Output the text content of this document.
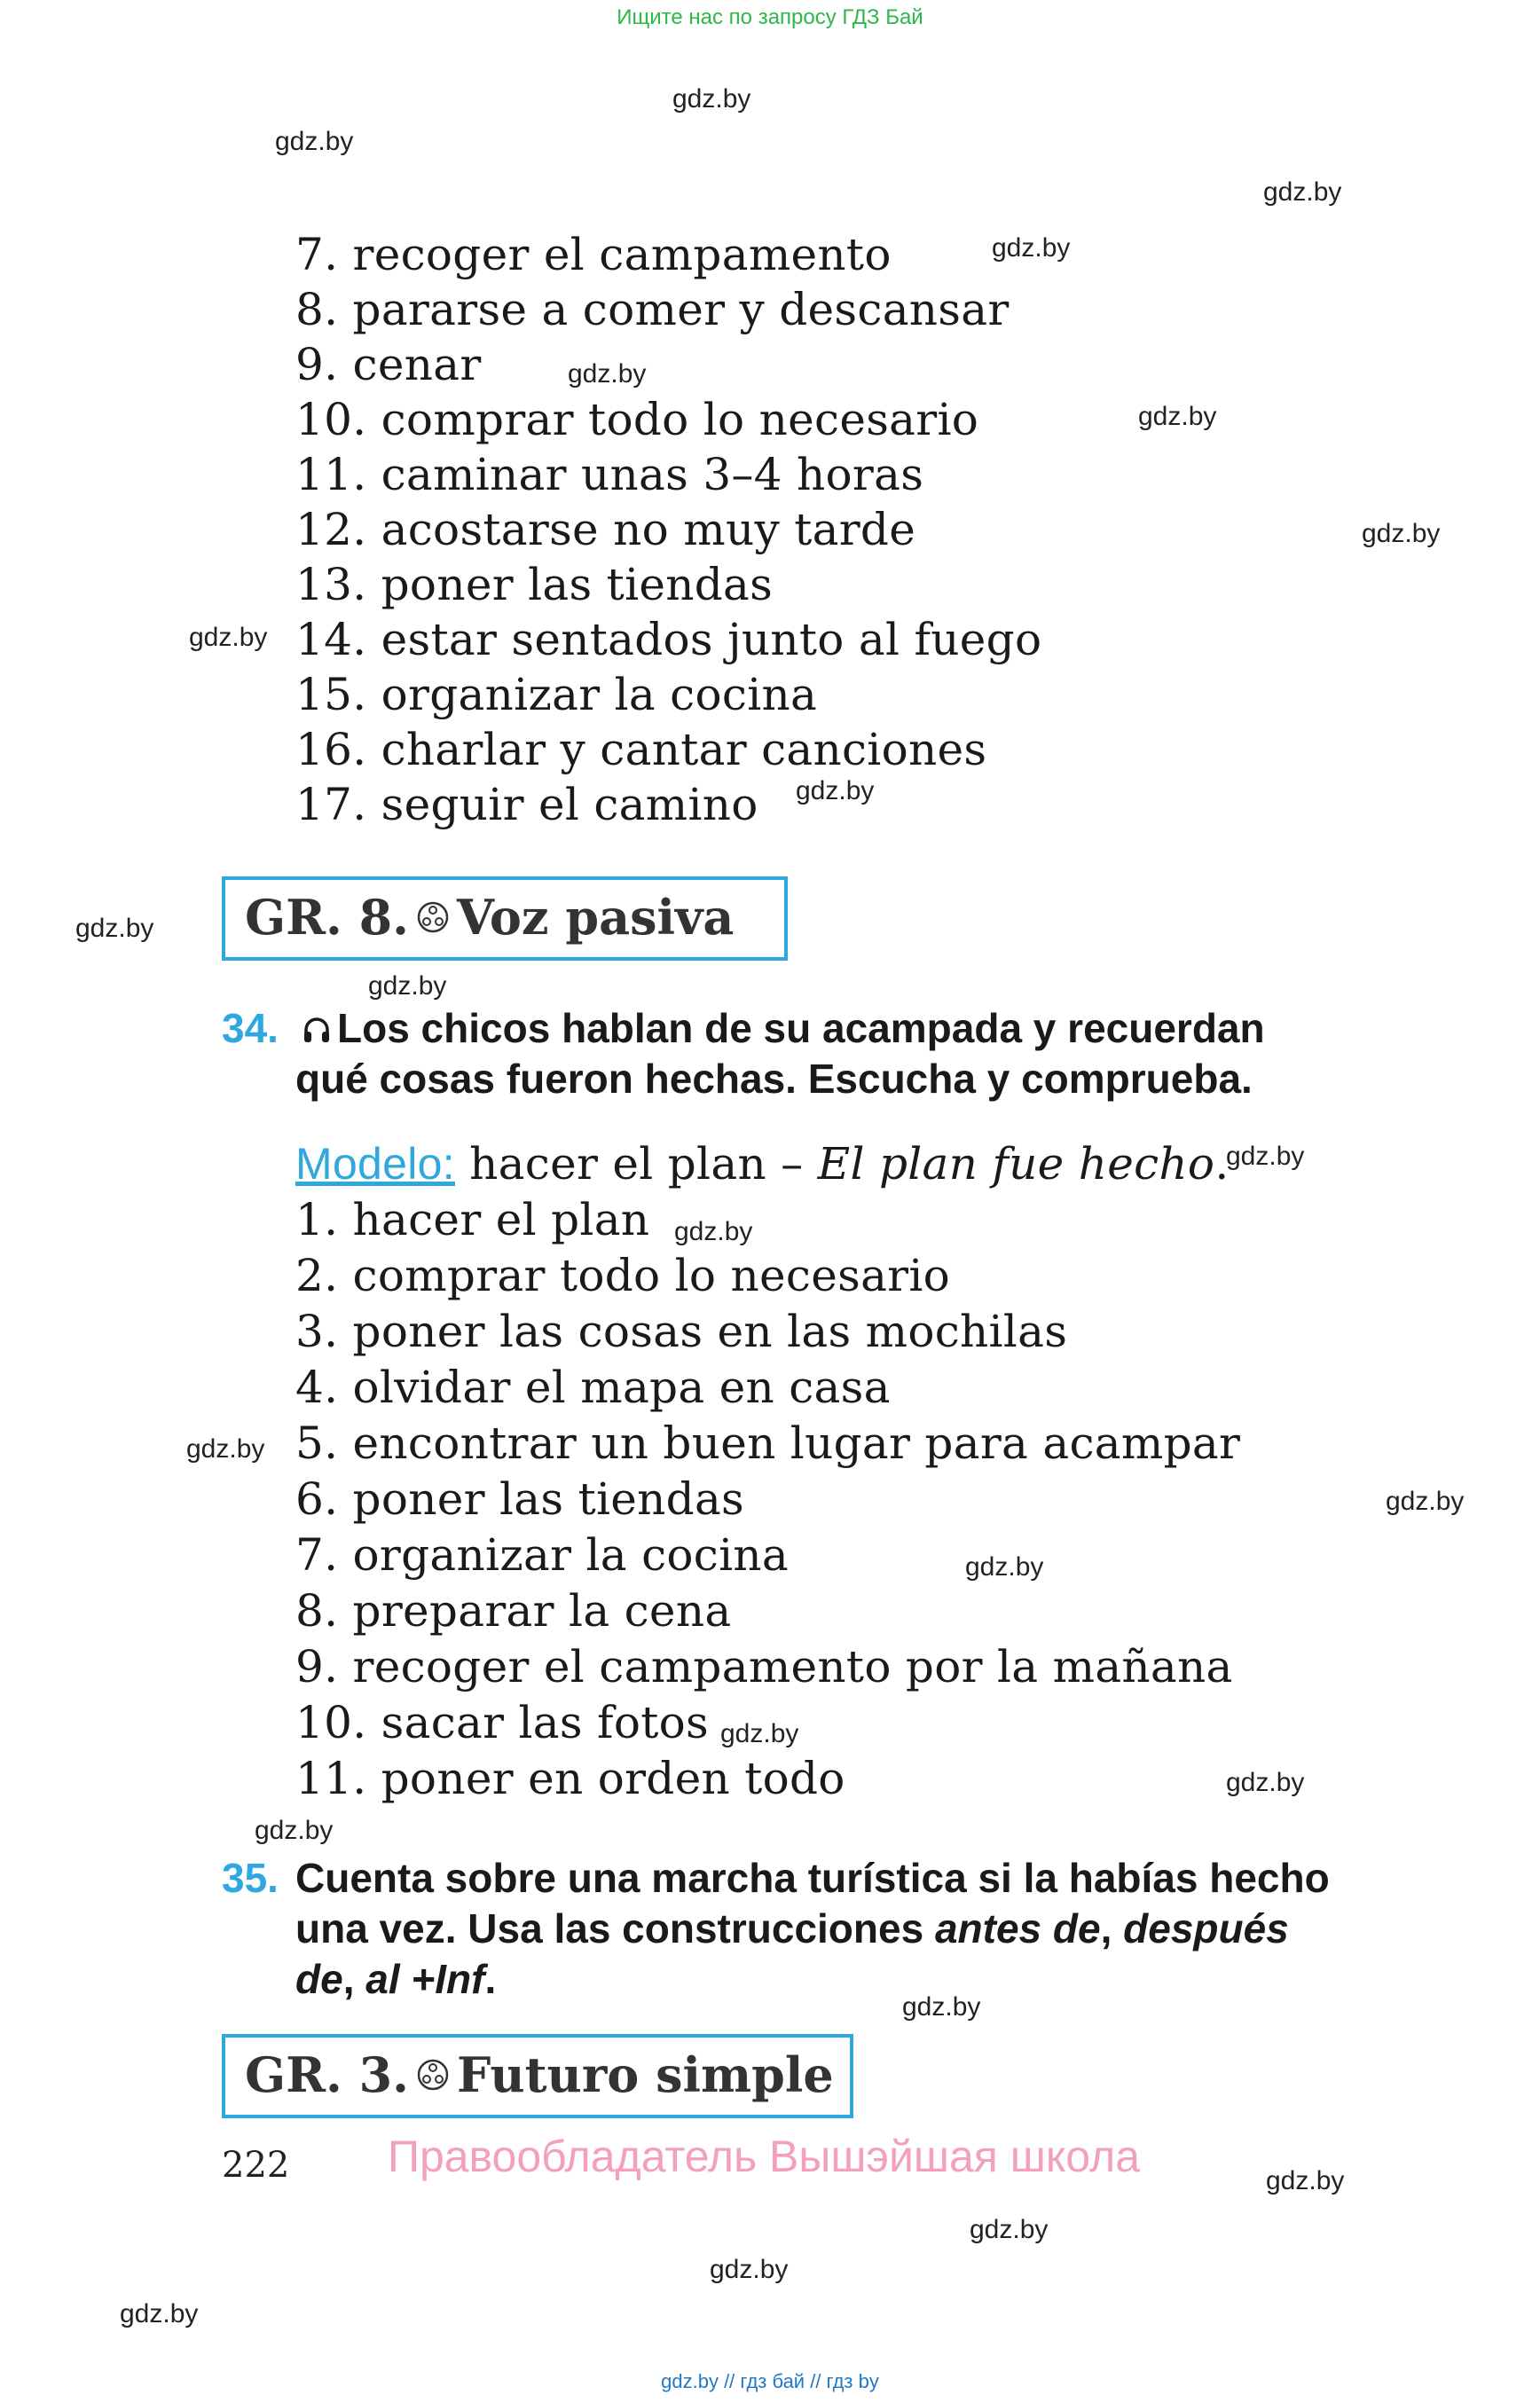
Ищите нас по запросу ГДЗ Бай
gdz.by
gdz.by
gdz.by
gdz.by
gdz.by
gdz.by
gdz.by
gdz.by
gdz.by
gdz.by
gdz.by
gdz.by
gdz.by
gdz.by
gdz.by
gdz.by
gdz.by
gdz.by
gdz.by
gdz.by
gdz.by
gdz.by
gdz.by
gdz.by
7. recoger el campamento
8. pararse a comer y descansar
9. cenar
10. comprar todo lo necesario
11. caminar unas 3–4 horas
12. acostarse no muy tarde
13. poner las tiendas
14. estar sentados junto al fuego
15. organizar la cocina
16. charlar y cantar canciones
17. seguir el camino
GR. 8. Voz pasiva
34.	Los chicos hablan de su acampada y recuerdan
qué cosas fueron hechas. Escucha y comprueba.
Modelo: hacer el plan – El plan fue hecho.
1. hacer el plan
2. comprar todo lo necesario
3. poner las cosas en las mochilas
4. olvidar el mapa en casa
5. encontrar un buen lugar para acampar
6. poner las tiendas
7. organizar la cocina
8. preparar la cena
9. recoger el campamento por la mañana
10. sacar las fotos
11. poner en orden todo
35. Cuenta sobre una marcha turística si la habías hecho
una vez. Usa las construcciones antes de, después
de, al +Inf.
GR. 3. Futuro simple
222 Правообладатель Вышэйшая школа
gdz.by // гдз бай // гдз by
